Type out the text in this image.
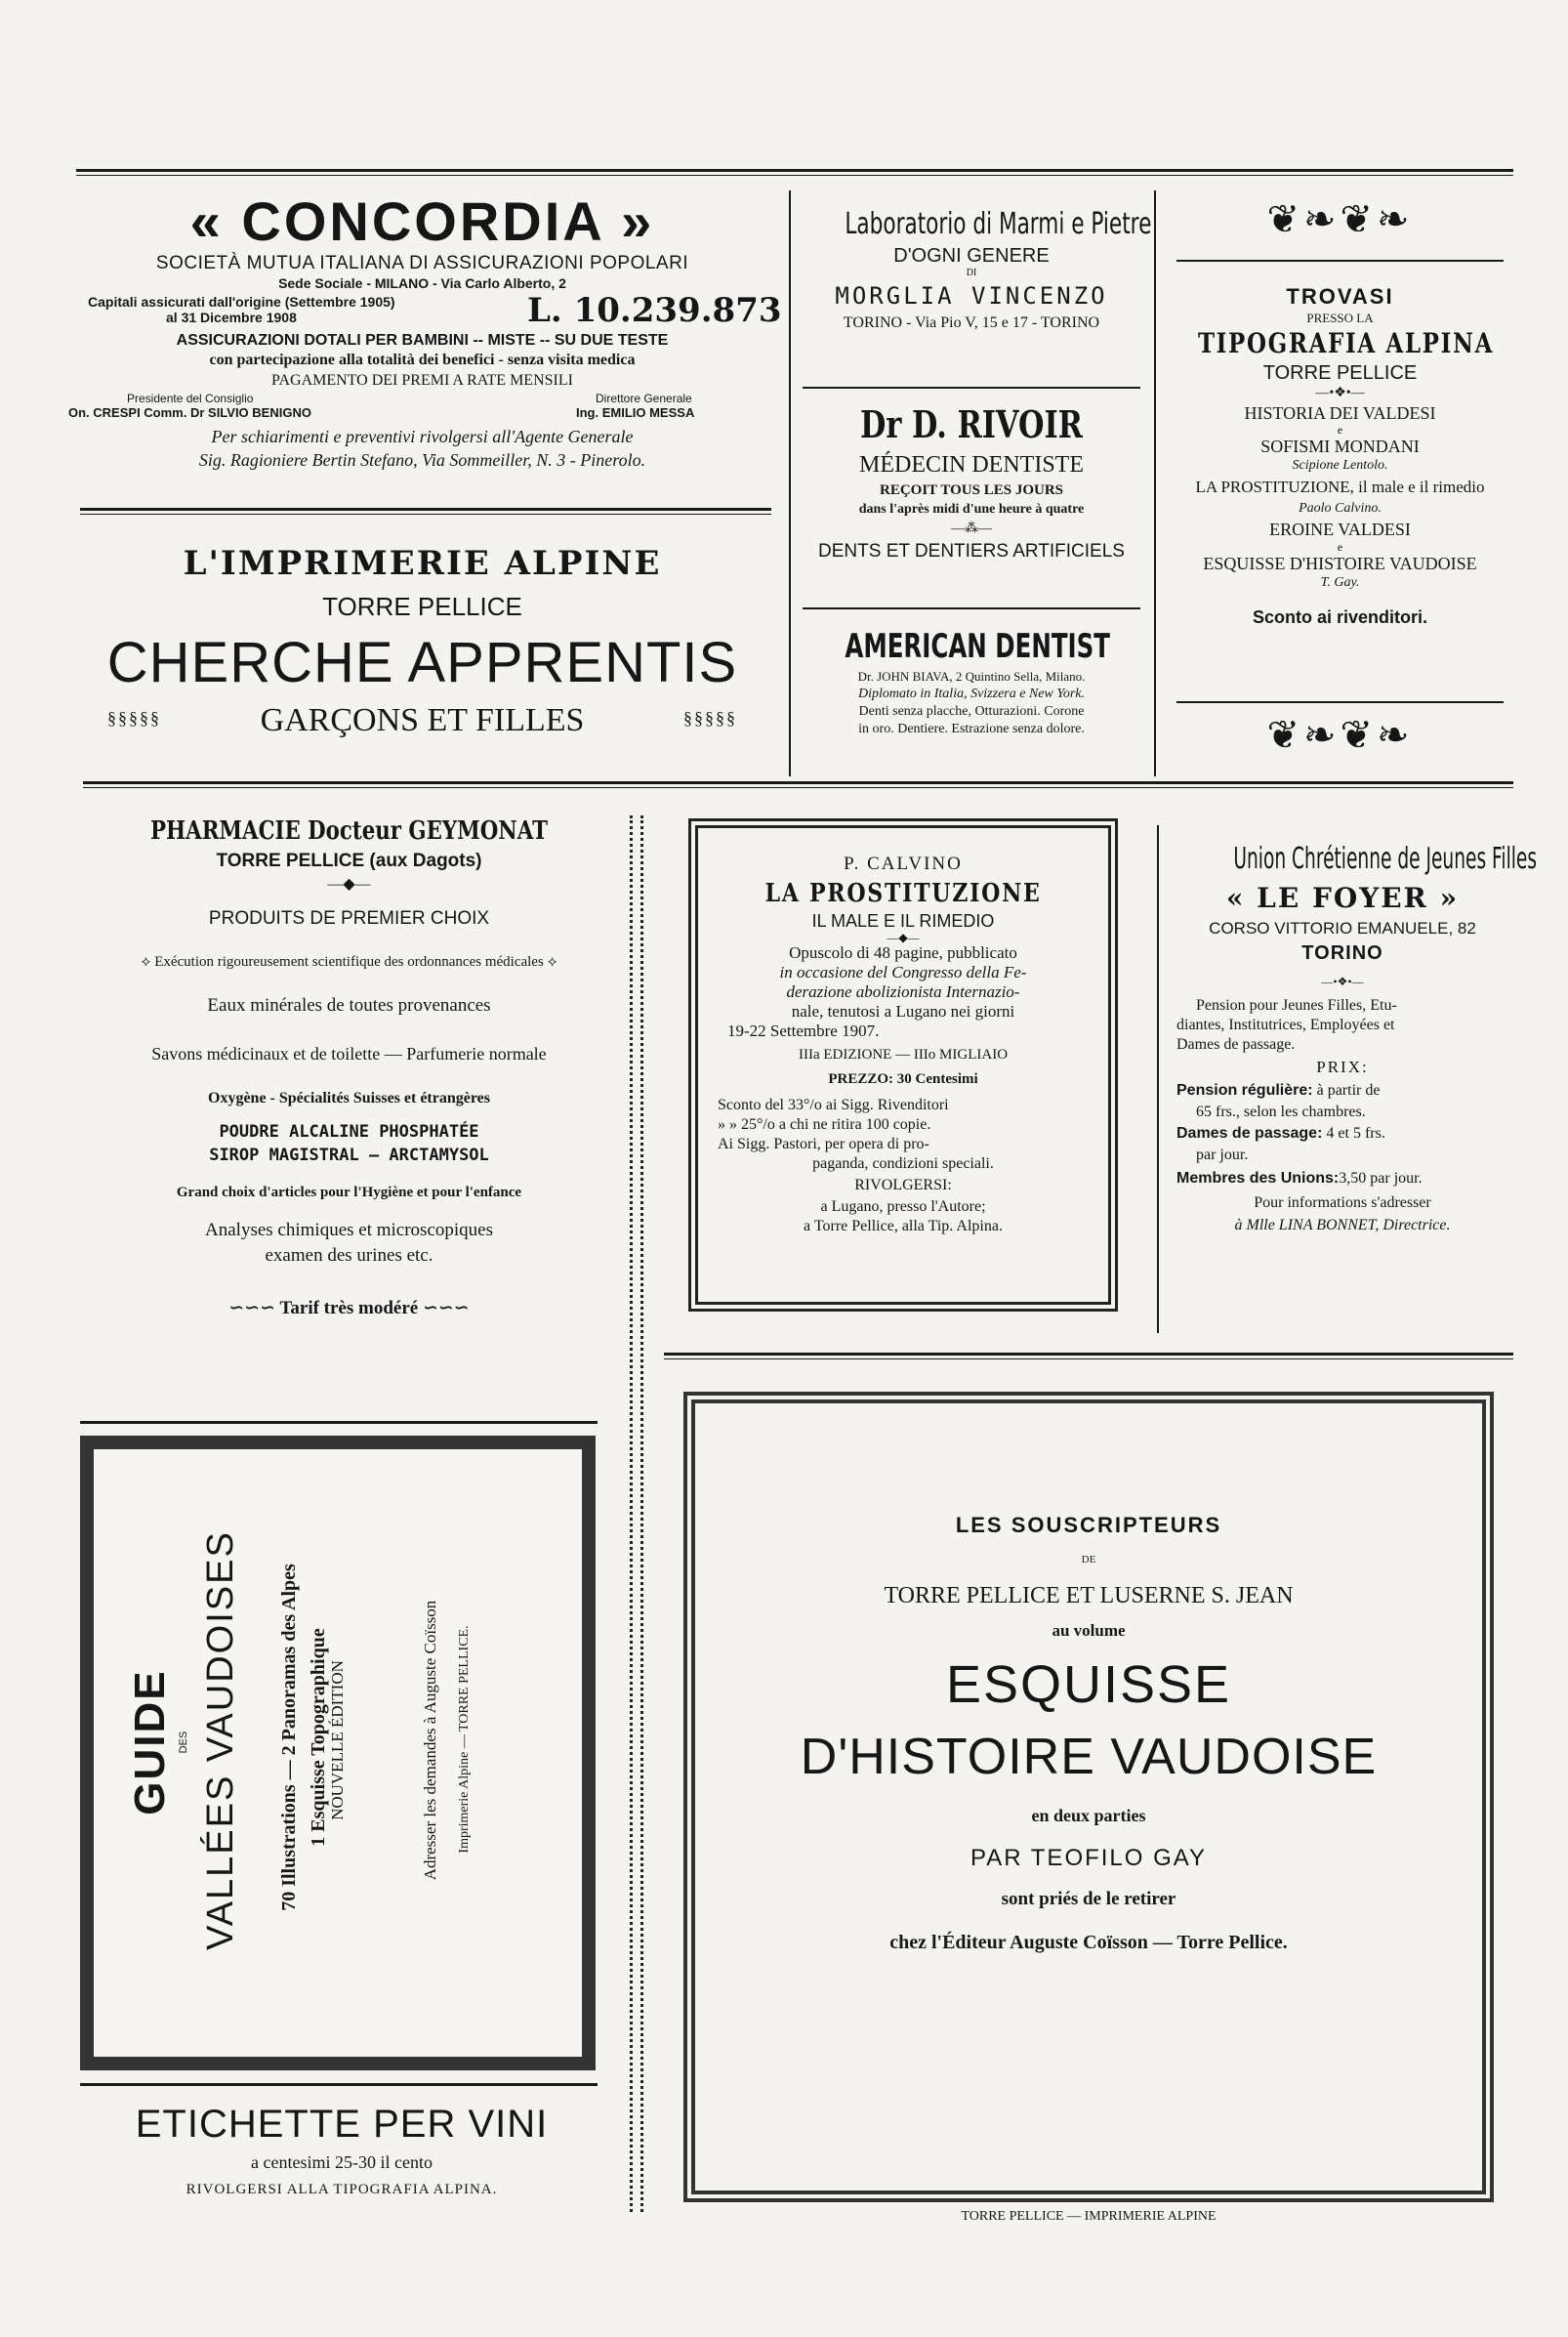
« CONCORDIA »
SOCIETÀ MUTUA ITALIANA DI ASSICURAZIONI POPOLARI
Sede Sociale - MILANO - Via Carlo Alberto, 2
Capitali assicurati dall'origine (Settembre 1905)
al 31 Dicembre 1908	L. 10.239.873
ASSICURAZIONI DOTALI PER BAMBINI -- MISTE -- SU DUE TESTE
con partecipazione alla totalità dei benefici - senza visita medica
PAGAMENTO DEI PREMI A RATE MENSILI
Presidente del Consiglio
On. CRESPI Comm. Dr SILVIO BENIGNO
Direttore Generale
Ing. EMILIO MESSA
Per schiarimenti e preventivi rivolgersi all'Agente Generale
Sig. Ragioniere Bertin Stefano, Via Sommeiller, N. 3 - Pinerolo.
L'IMPRIMERIE ALPINE
TORRE PELLICE
CHERCHE APPRENTIS
§§§§§	GARÇONS ET FILLES	§§§§§
Laboratorio di Marmi e Pietre
D'OGNI GENERE
DI
MORGLIA VINCENZO
TORINO - Via Pio V, 15 e 17 - TORINO
Dr D. RIVOIR
MÉDECIN DENTISTE
REÇOIT TOUS LES JOURS
dans l'après midi d'une heure à quatre
—⁂—
DENTS ET DENTIERS ARTIFICIELS
AMERICAN DENTIST
Dr. JOHN BIAVA, 2 Quintino Sella, Milano.
Diplomato in Italia, Svizzera e New York.
Denti senza placche, Otturazioni. Corone
in oro. Dentiere. Estrazione senza dolore.
❦❧❦❧
TROVASI
PRESSO LA
TIPOGRAFIA ALPINA
TORRE PELLICE
—•❖•—
HISTORIA DEI VALDESI
e
SOFISMI MONDANI
Scipione Lentolo.
LA PROSTITUZIONE, il male e il rimedio
Paolo Calvino.
EROINE VALDESI
e
ESQUISSE D'HISTOIRE VAUDOISE
T. Gay.
Sconto ai rivenditori.
❦❧❦❧
PHARMACIE Docteur GEYMONAT
TORRE PELLICE (aux Dagots)
—◆—
PRODUITS DE PREMIER CHOIX
⟡ Exécution rigoureusement scientifique des ordonnances médicales ⟡
Eaux minérales de toutes provenances
Savons médicinaux et de toilette — Parfumerie normale
Oxygène - Spécialités Suisses et étrangères
POUDRE ALCALINE PHOSPHATÉE
SIROP MAGISTRAL — ARCTAMYSOL
Grand choix d'articles pour l'Hygiène et pour l'enfance
Analyses chimiques et microscopiques
examen des urines etc.
∽∽∽ Tarif très modéré ∽∽∽
P. CALVINO
LA PROSTITUZIONE
IL MALE E IL RIMEDIO
—◆—
Opuscolo di 48 pagine, pubblicato
in occasione del Congresso della Fe-
derazione abolizionista Internazio-
nale, tenutosi a Lugano nei giorni
19-22 Settembre 1907.
IIIa EDIZIONE — IIIo MIGLIAIO
PREZZO: 30 Centesimi
Sconto del 33°/o ai Sigg. Rivenditori
» » 25°/o a chi ne ritira 100 copie.
Ai Sigg. Pastori, per opera di pro-
paganda, condizioni speciali.
RIVOLGERSI:
a Lugano, presso l'Autore;
a Torre Pellice, alla Tip. Alpina.
Union Chrétienne de Jeunes Filles
« LE FOYER »
CORSO VITTORIO EMANUELE, 82
TORINO
—•❖•—
Pension pour Jeunes Filles, Etu-
diantes, Institutrices, Employées et
Dames de passage.
PRIX:
Pension régulière: à partir de
65 frs., selon les chambres.
Dames de passage: 4 et 5 frs.
par jour.
Membres des Unions:3,50 par jour.
Pour informations s'adresser
à Mlle LINA BONNET, Directrice.
GUIDE DES VALLÉES VAUDOISES	70 Illustrations — 2 Panoramas des Alpes 1 Esquisse Topographique NOUVELLE ÉDITION	Adresser les demandes à Auguste Coïsson Imprimerie Alpine — TORRE PELLICE.
ETICHETTE PER VINI
a centesimi 25-30 il cento
RIVOLGERSI ALLA TIPOGRAFIA ALPINA.
LES SOUSCRIPTEURS
DE
TORRE PELLICE ET LUSERNE S. JEAN
au volume
ESQUISSE
D'HISTOIRE VAUDOISE
en deux parties
PAR TEOFILO GAY
sont priés de le retirer
chez l'Éditeur Auguste Coïsson — Torre Pellice.
TORRE PELLICE — IMPRIMERIE ALPINE
